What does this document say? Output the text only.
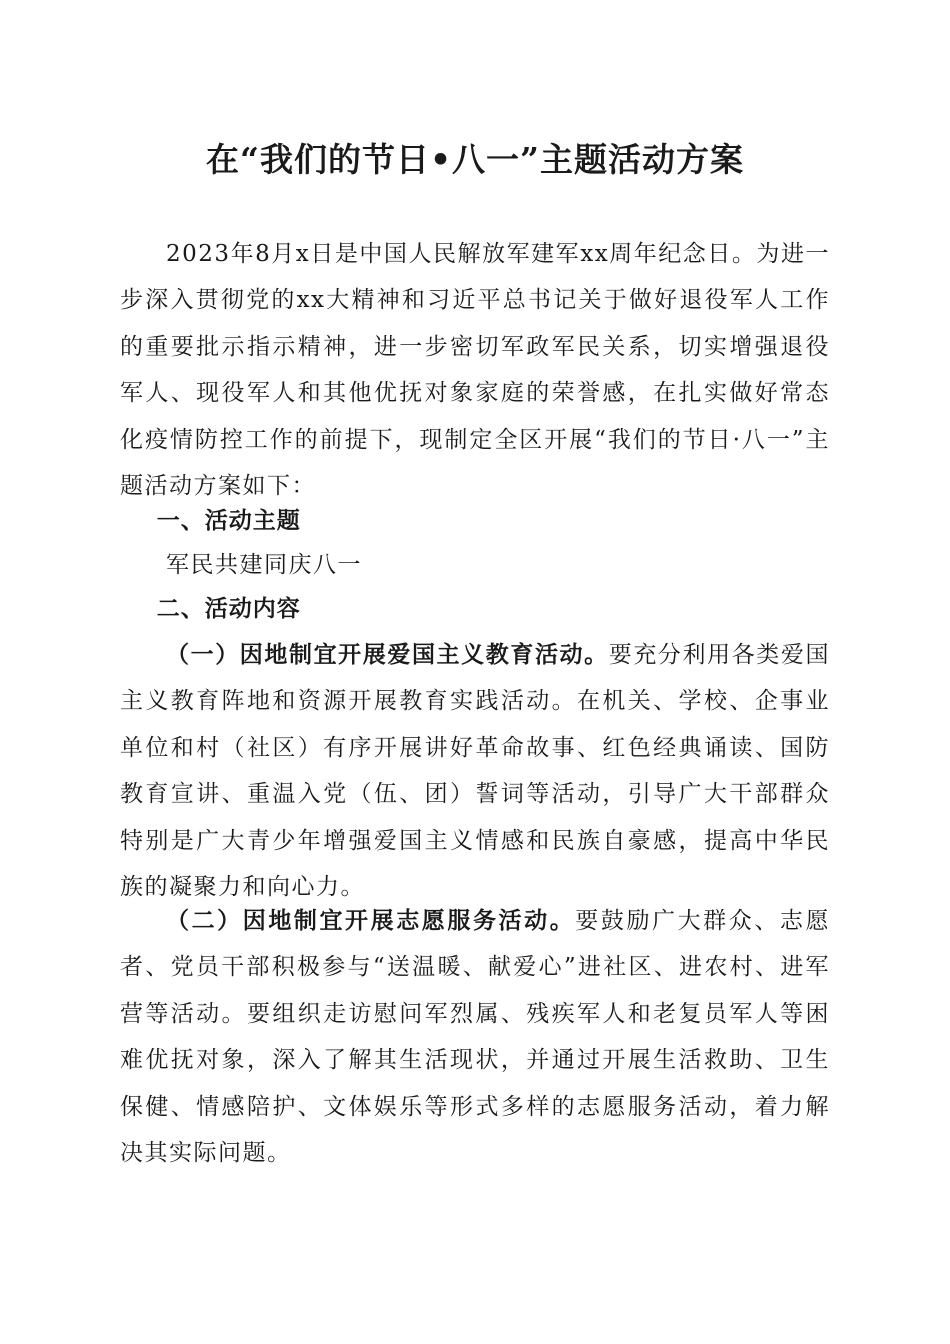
在“我们的节日•八一”主题活动方案

2023年8月x日是中国人民解放军建军xx周年纪念日。为进一步深入贯彻党的xx大精神和习近平总书记关于做好退役军人工作的重要批示指示精神，进一步密切军政军民关系，切实增强退役军人、现役军人和其他优抚对象家庭的荣誉感，在扎实做好常态化疫情防控工作的前提下，现制定全区开展“我们的节日·八一”主题活动方案如下：

一、活动主题

军民共建同庆八一

二、活动内容

（一）因地制宜开展爱国主义教育活动。要充分利用各类爱国主义教育阵地和资源开展教育实践活动。在机关、学校、企事业单位和村（社区）有序开展讲好革命故事、红色经典诵读、国防教育宣讲、重温入党（伍、团）誓词等活动，引导广大干部群众特别是广大青少年增强爱国主义情感和民族自豪感，提高中华民族的凝聚力和向心力。

（二）因地制宜开展志愿服务活动。要鼓励广大群众、志愿者、党员干部积极参与“送温暖、献爱心”进社区、进农村、进军营等活动。要组织走访慰问军烈属、残疾军人和老复员军人等困难优抚对象，深入了解其生活现状，并通过开展生活救助、卫生保健、情感陪护、文体娱乐等形式多样的志愿服务活动，着力解决其实际问题。
